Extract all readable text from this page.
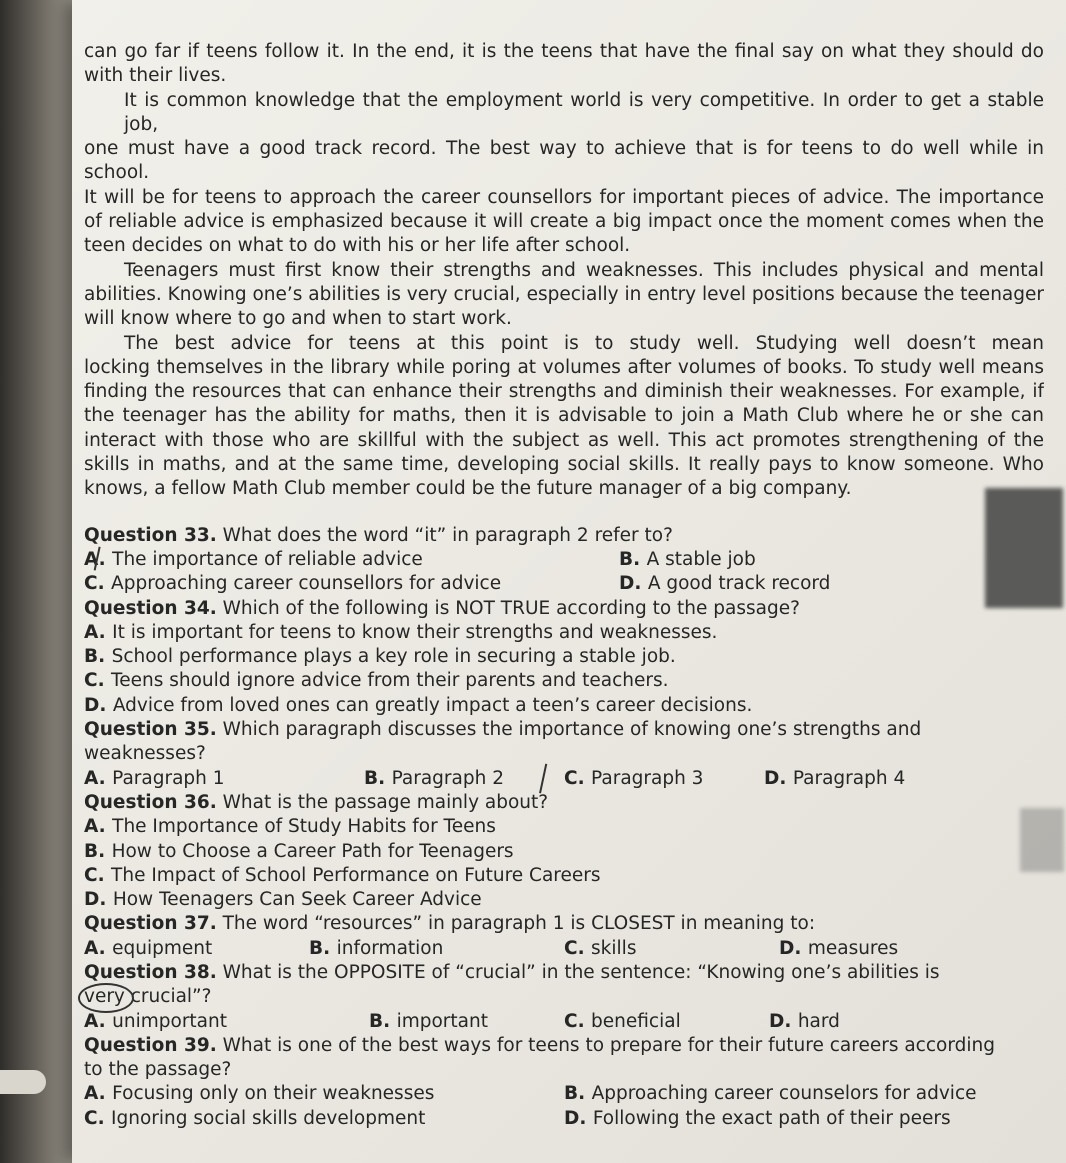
can go far if teens follow it. In the end, it is the teens that have the final say on what they should do
with their lives.
It is common knowledge that the employment world is very competitive. In order to get a stable job,
one must have a good track record. The best way to achieve that is for teens to do well while in school.
It will be for teens to approach the career counsellors for important pieces of advice. The importance
of reliable advice is emphasized because it will create a big impact once the moment comes when the
teen decides on what to do with his or her life after school.
Teenagers must first know their strengths and weaknesses. This includes physical and mental
abilities. Knowing one’s abilities is very crucial, especially in entry level positions because the teenager
will know where to go and when to start work.
The best advice for teens at this point is to study well. Studying well doesn’t mean
locking themselves in the library while poring at volumes after volumes of books. To study well means
finding the resources that can enhance their strengths and diminish their weaknesses. For example, if
the teenager has the ability for maths, then it is advisable to join a Math Club where he or she can
interact with those who are skillful with the subject as well. This act promotes strengthening of the
skills in maths, and at the same time, developing social skills. It really pays to know someone. Who
knows, a fellow Math Club member could be the future manager of a big company.
Question 33. What does the word “it” in paragraph 2 refer to?
A. The importance of reliable advice	B. A stable job
C. Approaching career counsellors for advice	D. A good track record
Question 34. Which of the following is NOT TRUE according to the passage?
A. It is important for teens to know their strengths and weaknesses.
B. School performance plays a key role in securing a stable job.
C. Teens should ignore advice from their parents and teachers.
D. Advice from loved ones can greatly impact a teen’s career decisions.
Question 35. Which paragraph discusses the importance of knowing one’s strengths and
weaknesses?
A. Paragraph 1	B. Paragraph 2	C. Paragraph 3	D. Paragraph 4
Question 36. What is the passage mainly about?
A. The Importance of Study Habits for Teens
B. How to Choose a Career Path for Teenagers
C. The Impact of School Performance on Future Careers
D. How Teenagers Can Seek Career Advice
Question 37. The word “resources” in paragraph 1 is CLOSEST in meaning to:
A. equipment	B. information	C. skills	D. measures
Question 38. What is the OPPOSITE of “crucial” in the sentence: “Knowing one’s abilities is
very crucial”?
A. unimportant	B. important	C. beneficial	D. hard
Question 39. What is one of the best ways for teens to prepare for their future careers according
to the passage?
A. Focusing only on their weaknesses	B. Approaching career counselors for advice
C. Ignoring social skills development	D. Following the exact path of their peers
